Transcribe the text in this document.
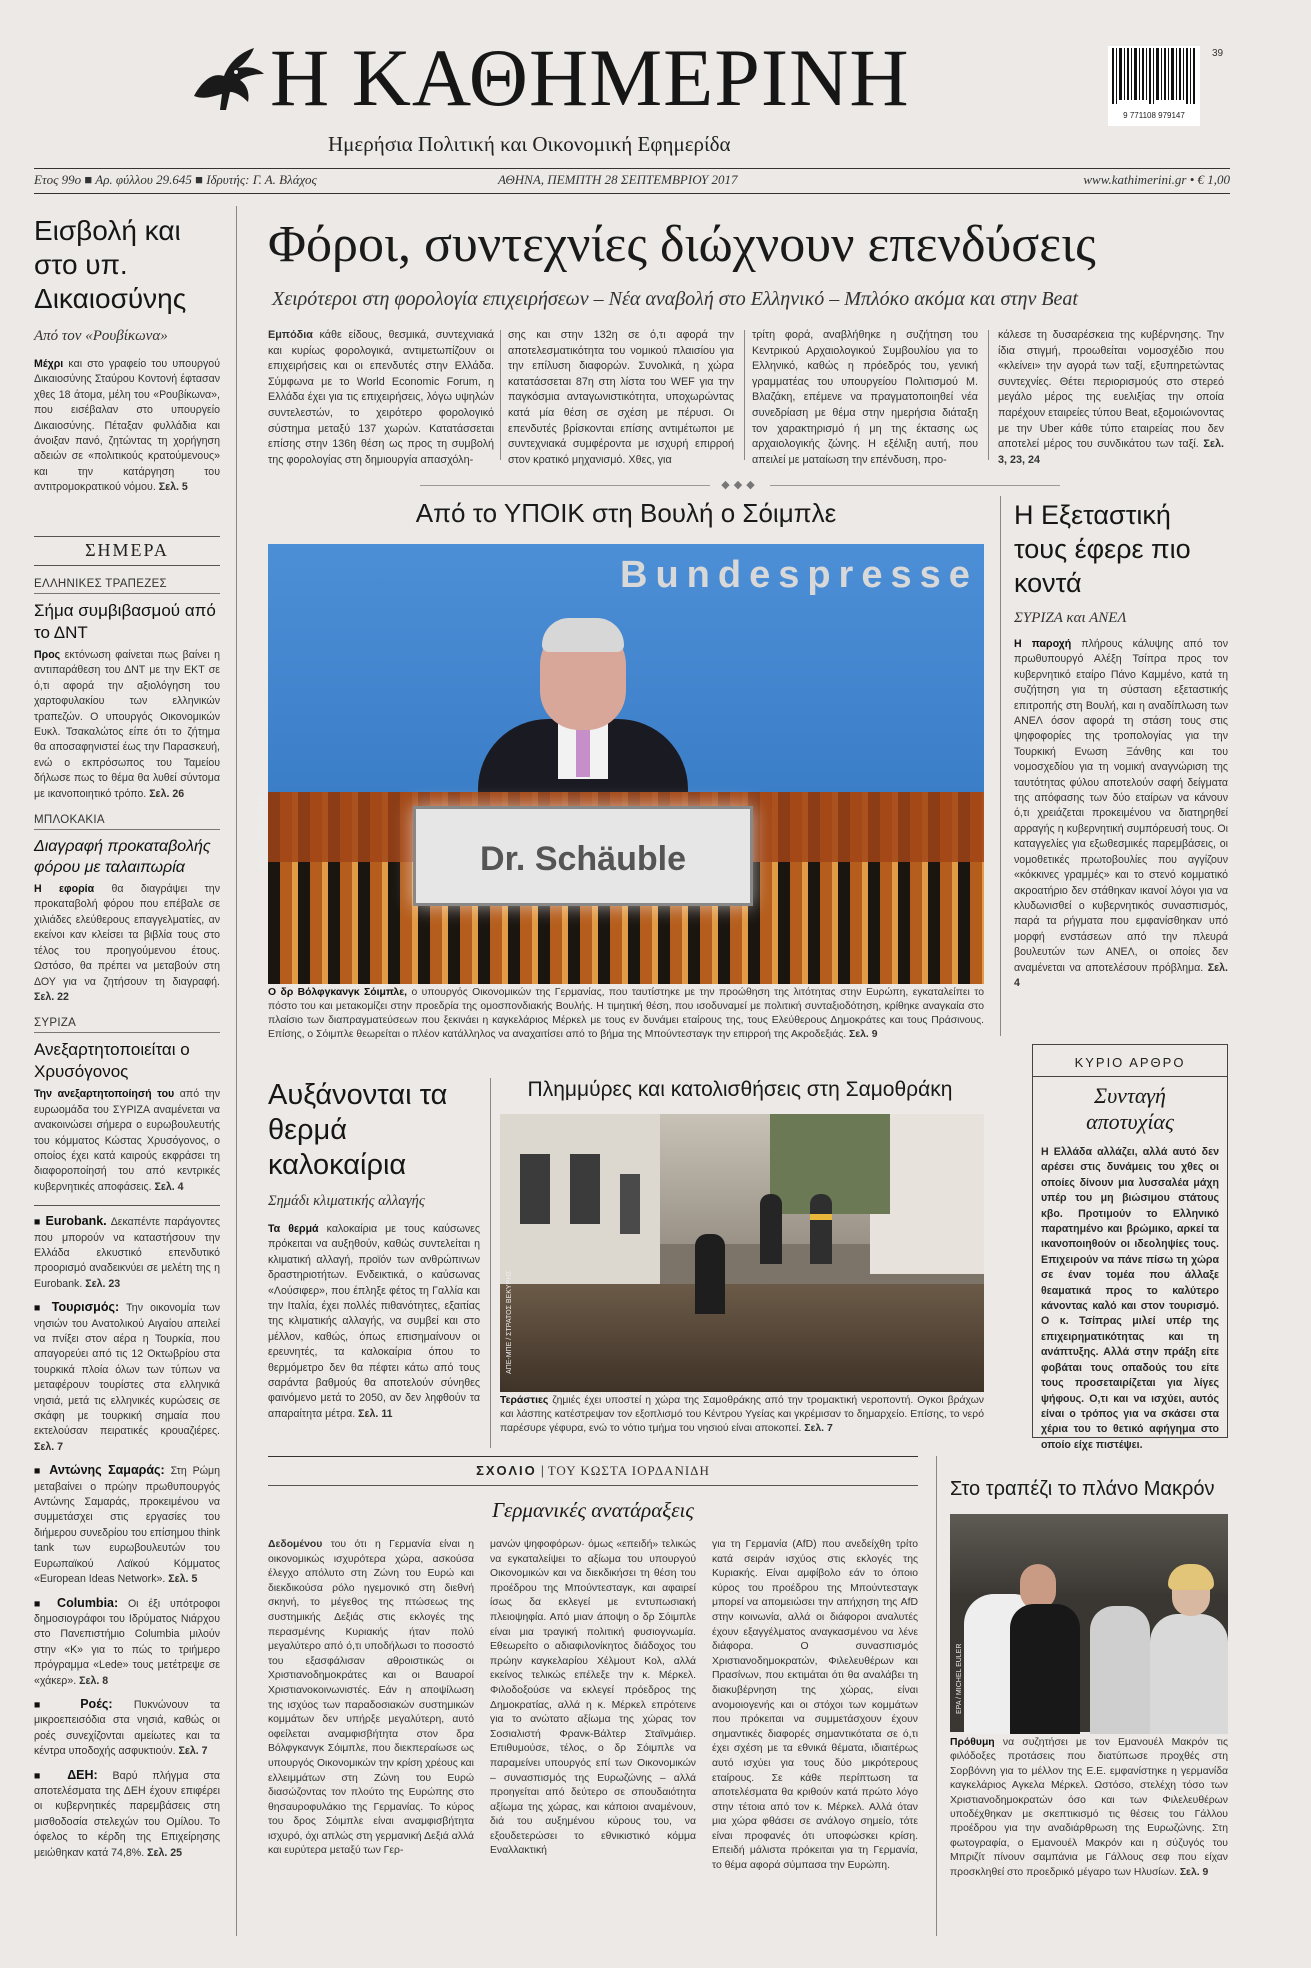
Η ΚΑΘΗΜΕΡΙΝΗ
Ημερήσια Πολιτική και Οικονομική Εφημερίδα
9 771108 979147
39
Ετος 99ο ■ Αρ. φύλλου 29.645 ■ Ιδρυτής: Γ. Α. Βλάχος	ΑΘΗΝΑ, ΠΕΜΠΤΗ 28 ΣΕΠΤΕΜΒΡΙΟΥ 2017	www.kathimerini.gr • € 1,00
Εισβολή και στο υπ. Δικαιοσύνης
Από τον «Ρουβίκωνα»
Μέχρι και στο γραφείο του υπουργού Δικαιοσύνης Σταύρου Κοντονή έφτασαν χθες 18 άτομα, μέλη του «Ρουβίκωνα», που εισέβαλαν στο υπουργείο Δικαιοσύνης. Πέταξαν φυλλάδια και άνοιξαν πανό, ζητώντας τη χορήγηση αδειών σε «πολιτικούς κρατούμενους» και την κατάργηση του αντιτρομοκρατικού νόμου. Σελ. 5
ΣΗΜΕΡΑ
ΕΛΛΗΝΙΚΕΣ ΤΡΑΠΕΖΕΣ
Σήμα συμβιβασμού από το ΔΝΤ
Προς εκτόνωση φαίνεται πως βαίνει η αντιπαράθεση του ΔΝΤ με την ΕΚΤ σε ό,τι αφορά την αξιολόγηση του χαρτοφυλακίου των ελληνικών τραπεζών. Ο υπουργός Οικονομικών Ευκλ. Τσακαλώτος είπε ότι το ζήτημα θα αποσαφηνιστεί έως την Παρασκευή, ενώ ο εκπρόσωπος του Ταμείου δήλωσε πως το θέμα θα λυθεί σύντομα με ικανοποιητικό τρόπο. Σελ. 26
ΜΠΛΟΚΑΚΙΑ
Διαγραφή προκαταβολής φόρου με ταλαιπωρία
Η εφορία θα διαγράψει την προκαταβολή φόρου που επέβαλε σε χιλιάδες ελεύθερους επαγγελματίες, αν εκείνοι καν κλείσει τα βιβλία τους στο τέλος του προηγούμενου έτους. Ωστόσο, θα πρέπει να μεταβούν στη ΔΟΥ για να ζητήσουν τη διαγραφή. Σελ. 22
ΣΥΡΙΖΑ
Ανεξαρτητοποιείται ο Χρυσόγονος
Την ανεξαρτητοποίησή του από την ευρωομάδα του ΣΥΡΙΖΑ αναμένεται να ανακοινώσει σήμερα ο ευρωβουλευτής του κόμματος Κώστας Χρυσόγονος, ο οποίος έχει κατά καιρούς εκφράσει τη διαφοροποίησή του από κεντρικές κυβερνητικές αποφάσεις. Σελ. 4
■ Eurobank. Δεκαπέντε παράγοντες που μπορούν να καταστήσουν την Ελλάδα ελκυστικό επενδυτικό προορισμό αναδεικνύει σε μελέτη της η Eurobank. Σελ. 23
■ Τουρισμός: Την οικονομία των νησιών του Ανατολικού Αιγαίου απειλεί να πνίξει στον αέρα η Τουρκία, που απαγορεύει από τις 12 Οκτωβρίου στα τουρκικά πλοία όλων των τύπων να μεταφέρουν τουρίστες στα ελληνικά νησιά, μετά τις ελληνικές κυρώσεις σε σκάφη με τουρκική σημαία που εκτελούσαν πειρατικές κρουαζιέρες. Σελ. 7
■ Αντώνης Σαμαράς: Στη Ρώμη μεταβαίνει ο πρώην πρωθυπουργός Αντώνης Σαμαράς, προκειμένου να συμμετάσχει στις εργασίες του διήμερου συνεδρίου του επίσημου think tank των ευρωβουλευτών του Ευρωπαϊκού Λαϊκού Κόμματος «European Ideas Network». Σελ. 5
■ Columbia: Οι έξι υπότροφοι δημοσιογράφοι του Ιδρύματος Νιάρχου στο Πανεπιστήμιο Columbia μιλούν στην «Κ» για το πώς το τριήμερο πρόγραμμα «Lede» τους μετέτρεψε σε «χάκερ». Σελ. 8
■ Ροές: Πυκνώνουν τα μικροεπεισόδια στα νησιά, καθώς οι ροές συνεχίζονται αμείωτες και τα κέντρα υποδοχής ασφυκτιούν. Σελ. 7
■ ΔΕΗ: Βαρύ πλήγμα στα αποτελέσματα της ΔΕΗ έχουν επιφέρει οι κυβερνητικές παρεμβάσεις στη μισθοδοσία στελεχών του Ομίλου. Το όφελος το κέρδη της Επιχείρησης μειώθηκαν κατά 74,8%. Σελ. 25
Φόροι, συντεχνίες διώχνουν επενδύσεις
Χειρότεροι στη φορολογία επιχειρήσεων – Νέα αναβολή στο Ελληνικό – Μπλόκο ακόμα και στην Beat
Εμπόδια κάθε είδους, θεσμικά, συντεχνιακά και κυρίως φορολογικά, αντιμετωπίζουν οι επιχειρήσεις και οι επενδυτές στην Ελλάδα. Σύμφωνα με το World Economic Forum, η Ελλάδα έχει για τις επιχειρήσεις, λόγω υψηλών συντελεστών, το χειρότερο φορολογικό σύστημα μεταξύ 137 χωρών. Κατατάσσεται επίσης στην 136η θέση ως προς τη συμβολή της φορολογίας στη δημιουργία απασχόλη-
σης και στην 132η σε ό,τι αφορά την αποτελεσματικότητα του νομικού πλαισίου για την επίλυση διαφορών. Συνολικά, η χώρα κατατάσσεται 87η στη λίστα του WEF για την παγκόσμια ανταγωνιστικότητα, υποχωρώντας κατά μία θέση σε σχέση με πέρυσι. Οι επενδυτές βρίσκονται επίσης αντιμέτωποι με συντεχνιακά συμφέροντα με ισχυρή επιρροή στον κρατικό μηχανισμό. Χθες, για
τρίτη φορά, αναβλήθηκε η συζήτηση του Κεντρικού Αρχαιολογικού Συμβουλίου για το Ελληνικό, καθώς η πρόεδρός του, γενική γραμματέας του υπουργείου Πολιτισμού Μ. Βλαζάκη, επέμενε να πραγματοποιηθεί νέα συνεδρίαση με θέμα στην ημερήσια διάταξη τον χαρακτηρισμό ή μη της έκτασης ως αρχαιολογικής ζώνης. Η εξέλιξη αυτή, που απειλεί με ματαίωση την επένδυση, προ-
κάλεσε τη δυσαρέσκεια της κυβέρνησης. Την ίδια στιγμή, προωθείται νομοσχέδιο που «κλείνει» την αγορά των ταξί, εξυπηρετώντας συντεχνίες. Θέτει περιορισμούς στο στερεό μεγάλο μέρος της ευελιξίας την οποία παρέχουν εταιρείες τύπου Beat, εξομοιώνοντας με την Uber κάθε τύπο εταιρείας που δεν αποτελεί μέρος του συνδικάτου των ταξί. Σελ. 3, 23, 24
◆◆◆
Από το ΥΠΟΙΚ στη Βουλή ο Σόιμπλε
Bundespresse
Dr. Schäuble
EPA / CLEMENS BILAN
Ο δρ Βόλφγκανγκ Σόιμπλε, ο υπουργός Οικονομικών της Γερμανίας, που ταυτίστηκε με την προώθηση της λιτότητας στην Ευρώπη, εγκαταλείπει το πόστο του και μετακομίζει στην προεδρία της ομοσπονδιακής Βουλής. Η τιμητική θέση, που ισοδυναμεί με πολιτική συνταξιοδότηση, κρίθηκε αναγκαία στο πλαίσιο των διαπραγματεύσεων που ξεκινάει η καγκελάριος Μέρκελ με τους εν δυνάμει εταίρους της, τους Ελεύθερους Δημοκράτες και τους Πράσινους. Επίσης, ο Σόιμπλε θεωρείται ο πλέον κατάλληλος να αναχαιτίσει από το βήμα της Μπούντεσταγκ την επιρροή της Ακροδεξιάς. Σελ. 9
Η Εξεταστική τους έφερε πιο κοντά
ΣΥΡΙΖΑ και ΑΝΕΛ
Η παροχή πλήρους κάλυψης από τον πρωθυπουργό Αλέξη Τσίπρα προς τον κυβερνητικό εταίρο Πάνο Καμμένο, κατά τη συζήτηση για τη σύσταση εξεταστικής επιτροπής στη Βουλή, και η αναδίπλωση των ΑΝΕΛ όσον αφορά τη στάση τους στις ψηφοφορίες της τροπολογίας για την Τουρκική Ενωση Ξάνθης και του νομοσχεδίου για τη νομική αναγνώριση της ταυτότητας φύλου αποτελούν σαφή δείγματα της απόφασης των δύο εταίρων να κάνουν ό,τι χρειάζεται προκειμένου να διατηρηθεί αρραγής η κυβερνητική συμπόρευσή τους. Οι καταγγελίες για εξωθεσμικές παρεμβάσεις, οι νομοθετικές πρωτοβουλίες που αγγίζουν «κόκκινες γραμμές» και το στενό κομματικό ακροατήριο δεν στάθηκαν ικανοί λόγοι για να κλυδωνισθεί ο κυβερνητικός συνασπισμός, παρά τα ρήγματα που εμφανίσθηκαν υπό μορφή ενστάσεων από την πλευρά βουλευτών των ΑΝΕΛ, οι οποίες δεν αναμένεται να αποτελέσουν πρόβλημα. Σελ. 4
ΚΥΡΙΟ ΑΡΘΡΟ
Συνταγή αποτυχίας
Η Ελλάδα αλλάζει, αλλά αυτό δεν αρέσει στις δυνάμεις του χθες οι οποίες δίνουν μια λυσσαλέα μάχη υπέρ του μη βιώσιμου στάτους κβο. Προτιμούν το Ελληνικό παρατημένο και βρώμικο, αρκεί τα ικανοποιηθούν οι ιδεοληψίες τους. Επιχειρούν να πάνε πίσω τη χώρα σε έναν τομέα που άλλαξε θεαματικά προς το καλύτερο κάνοντας καλό και στον τουρισμό. Ο κ. Τσίπρας μιλεί υπέρ της επιχειρηματικότητας και τη ανάπτυξης. Αλλά στην πράξη είτε φοβάται τους οπαδούς του είτε τους προσεταιρίζεται για λίγες ψήφους. Ο,τι και να ισχύει, αυτός είναι ο τρόπος για να σκάσει στα χέρια του το θετικό αφήγημα στο οποίο είχε πιστέψει.
Αυξάνονται τα θερμά καλοκαίρια
Σημάδι κλιματικής αλλαγής
Τα θερμά καλοκαίρια με τους καύσωνες πρόκειται να αυξηθούν, καθώς συντελείται η κλιματική αλλαγή, προϊόν των ανθρώπινων δραστηριοτήτων. Ενδεικτικά, ο καύσωνας «Λούσιφερ», που έπληξε φέτος τη Γαλλία και την Ιταλία, έχει πολλές πιθανότητες, εξαιτίας της κλιματικής αλλαγής, να συμβεί και στο μέλλον, καθώς, όπως επισημαίνουν οι ερευνητές, τα καλοκαίρια όπου το θερμόμετρο δεν θα πέφτει κάτω από τους σαράντα βαθμούς θα αποτελούν σύνηθες φαινόμενο μετά το 2050, αν δεν ληφθούν τα απαραίτητα μέτρα. Σελ. 11
Πλημμύρες και κατολισθήσεις στη Σαμοθράκη
ΑΠΕ-ΜΠΕ / ΣΤΡΑΤΟΣ ΒΕΚΥΡΗΣ
Τεράστιες ζημιές έχει υποστεί η χώρα της Σαμοθράκης από την τρομακτική νεροποντή. Ογκοι βράχων και λάσπης κατέστρεψαν τον εξοπλισμό του Κέντρου Υγείας και γκρέμισαν το δημαρχείο. Επίσης, το νερό παρέσυρε γέφυρα, ενώ το νότιο τμήμα του νησιού είναι αποκοπεί. Σελ. 7
ΣΧΟΛΙΟ | ΤΟΥ ΚΩΣΤΑ ΙΟΡΔΑΝΙΔΗ
Γερμανικές ανατάραξεις
Δεδομένου του ότι η Γερμανία είναι η οικονομικώς ισχυρότερα χώρα, ασκούσα έλεγχο απόλυτο στη Ζώνη του Ευρώ και διεκδικούσα ρόλο ηγεμονικό στη διεθνή σκηνή, το μέγεθος της πτώσεως της συστημικής Δεξιάς στις εκλογές της περασμένης Κυριακής ήταν πολύ μεγαλύτερο από ό,τι υποδήλωσι το ποσοστό του εξασφάλισαν αθροιστικώς οι Χριστιανοδημοκράτες και οι Βαυαροί Χριστιανοκοινωνιστές. Εάν η αποψίλωση της ισχύος των παραδοσιακών συστημικών κομμάτων δεν υπήρξε μεγαλύτερη, αυτό οφείλεται αναμφισβήτητα στον δρα Βόλφγκανγκ Σόιμπλε, που διεκπεραίωσε ως υπουργός Οικονομικών την κρίση χρέους και ελλειμμάτων στη Ζώνη του Ευρώ διασώζοντας τον πλούτο της Ευρώπης στο θησαυροφυλάκιο της Γερμανίας. Το κύρος του δρος Σόιμπλε είναι αναμφισβήτητα ισχυρό, όχι απλώς στη γερμανική Δεξιά αλλά και ευρύτερα μεταξύ των Γερ-
μανών ψηφοφόρων· όμως «επειδή» τελικώς να εγκαταλείψει το αξίωμα του υπουργού Οικονομικών και να διεκδικήσει τη θέση του προέδρου της Μπούντεσταγκ, και αφαιρεί ίσως δα εκλεγεί με εντυπωσιακή πλειοψηφία. Από μιαν άποψη ο δρ Σόιμπλε είναι μια τραγική πολιτική φυσιογνωμία. Εθεωρείτο ο αδιαφιλονίκητος διάδοχος του πρώην καγκελαρίου Χέλμουτ Κολ, αλλά εκείνος τελικώς επέλεξε την κ. Μέρκελ. Φιλοδοξούσε να εκλεγεί πρόεδρος της Δημοκρατίας, αλλά η κ. Μέρκελ επρότεινε για το ανώτατο αξίωμα της χώρας τον Σοσιαλιστή Φρανκ-Βάλτερ Σταϊνμάιερ. Επιθυμούσε, τέλος, ο δρ Σόιμπλε να παραμείνει υπουργός επί των Οικονομικών – συνασπισμός της Ευρωζώνης – αλλά προηγείται από δεύτερο σε σπουδαιότητα αξίωμα της χώρας, και κάποιοι αναμένουν, διά του αυξημένου κύρους του, να εξουδετερώσει το εθνικιστικό κόμμα Εναλλακτική
για τη Γερμανία (AfD) που ανεδείχθη τρίτο κατά σειράν ισχύος στις εκλογές της Κυριακής. Είναι αμφίβολο εάν το όποιο κύρος του προέδρου της Μπούντεσταγκ μπορεί να απομειώσει την απήχηση της AfD στην κοινωνία, αλλά οι διάφοροι αναλυτές έχουν εξαγγέλματος αναγκασμένου να λένε διάφορα. Ο συνασπισμός Χριστιανοδημοκρατών, Φιλελευθέρων και Πρασίνων, που εκτιμάται ότι θα αναλάβει τη διακυβέρνηση της χώρας, είναι ανομοιογενής και οι στόχοι των κομμάτων που πρόκειται να συμμετάσχουν έχουν σημαντικές διαφορές σημαντικότατα σε ό,τι έχει σχέση με τα εθνικά θέματα, ιδιαιτέρως αυτό ισχύει για τους δύο μικρότερους εταίρους. Σε κάθε περίπτωση τα αποτελέσματα θα κριθούν κατά πρώτο λόγο στην τέτοια από τον κ. Μέρκελ. Αλλά όταν μια χώρα φθάσει σε ανάλογο σημείο, τότε είναι προφανές ότι υποφώσκει κρίση. Επειδή μάλιστα πρόκειται για τη Γερμανία, το θέμα αφορά σύμπασα την Ευρώπη.
Στο τραπέζι το πλάνο Μακρόν
EPA / MICHEL EULER
Πρόθυμη να συζητήσει με τον Εμανουέλ Μακρόν τις φιλόδοξες προτάσεις που διατύπωσε προχθές στη Σορβόννη για το μέλλον της Ε.Ε. εμφανίστηκε η γερμανίδα καγκελάριος Αγκελα Μέρκελ. Ωστόσο, στελέχη τόσο των Χριστιανοδημοκρατών όσο και των Φιλελευθέρων υποδέχθηκαν με σκεπτικισμό τις θέσεις του Γάλλου προέδρου για την αναδιάρθρωση της Ευρωζώνης. Στη φωτογραφία, ο Εμανουέλ Μακρόν και η σύζυγός του Μπριζίτ πίνουν σαμπάνια με Γάλλους σεφ που είχαν προσκληθεί στο προεδρικό μέγαρο των Ηλυσίων. Σελ. 9
